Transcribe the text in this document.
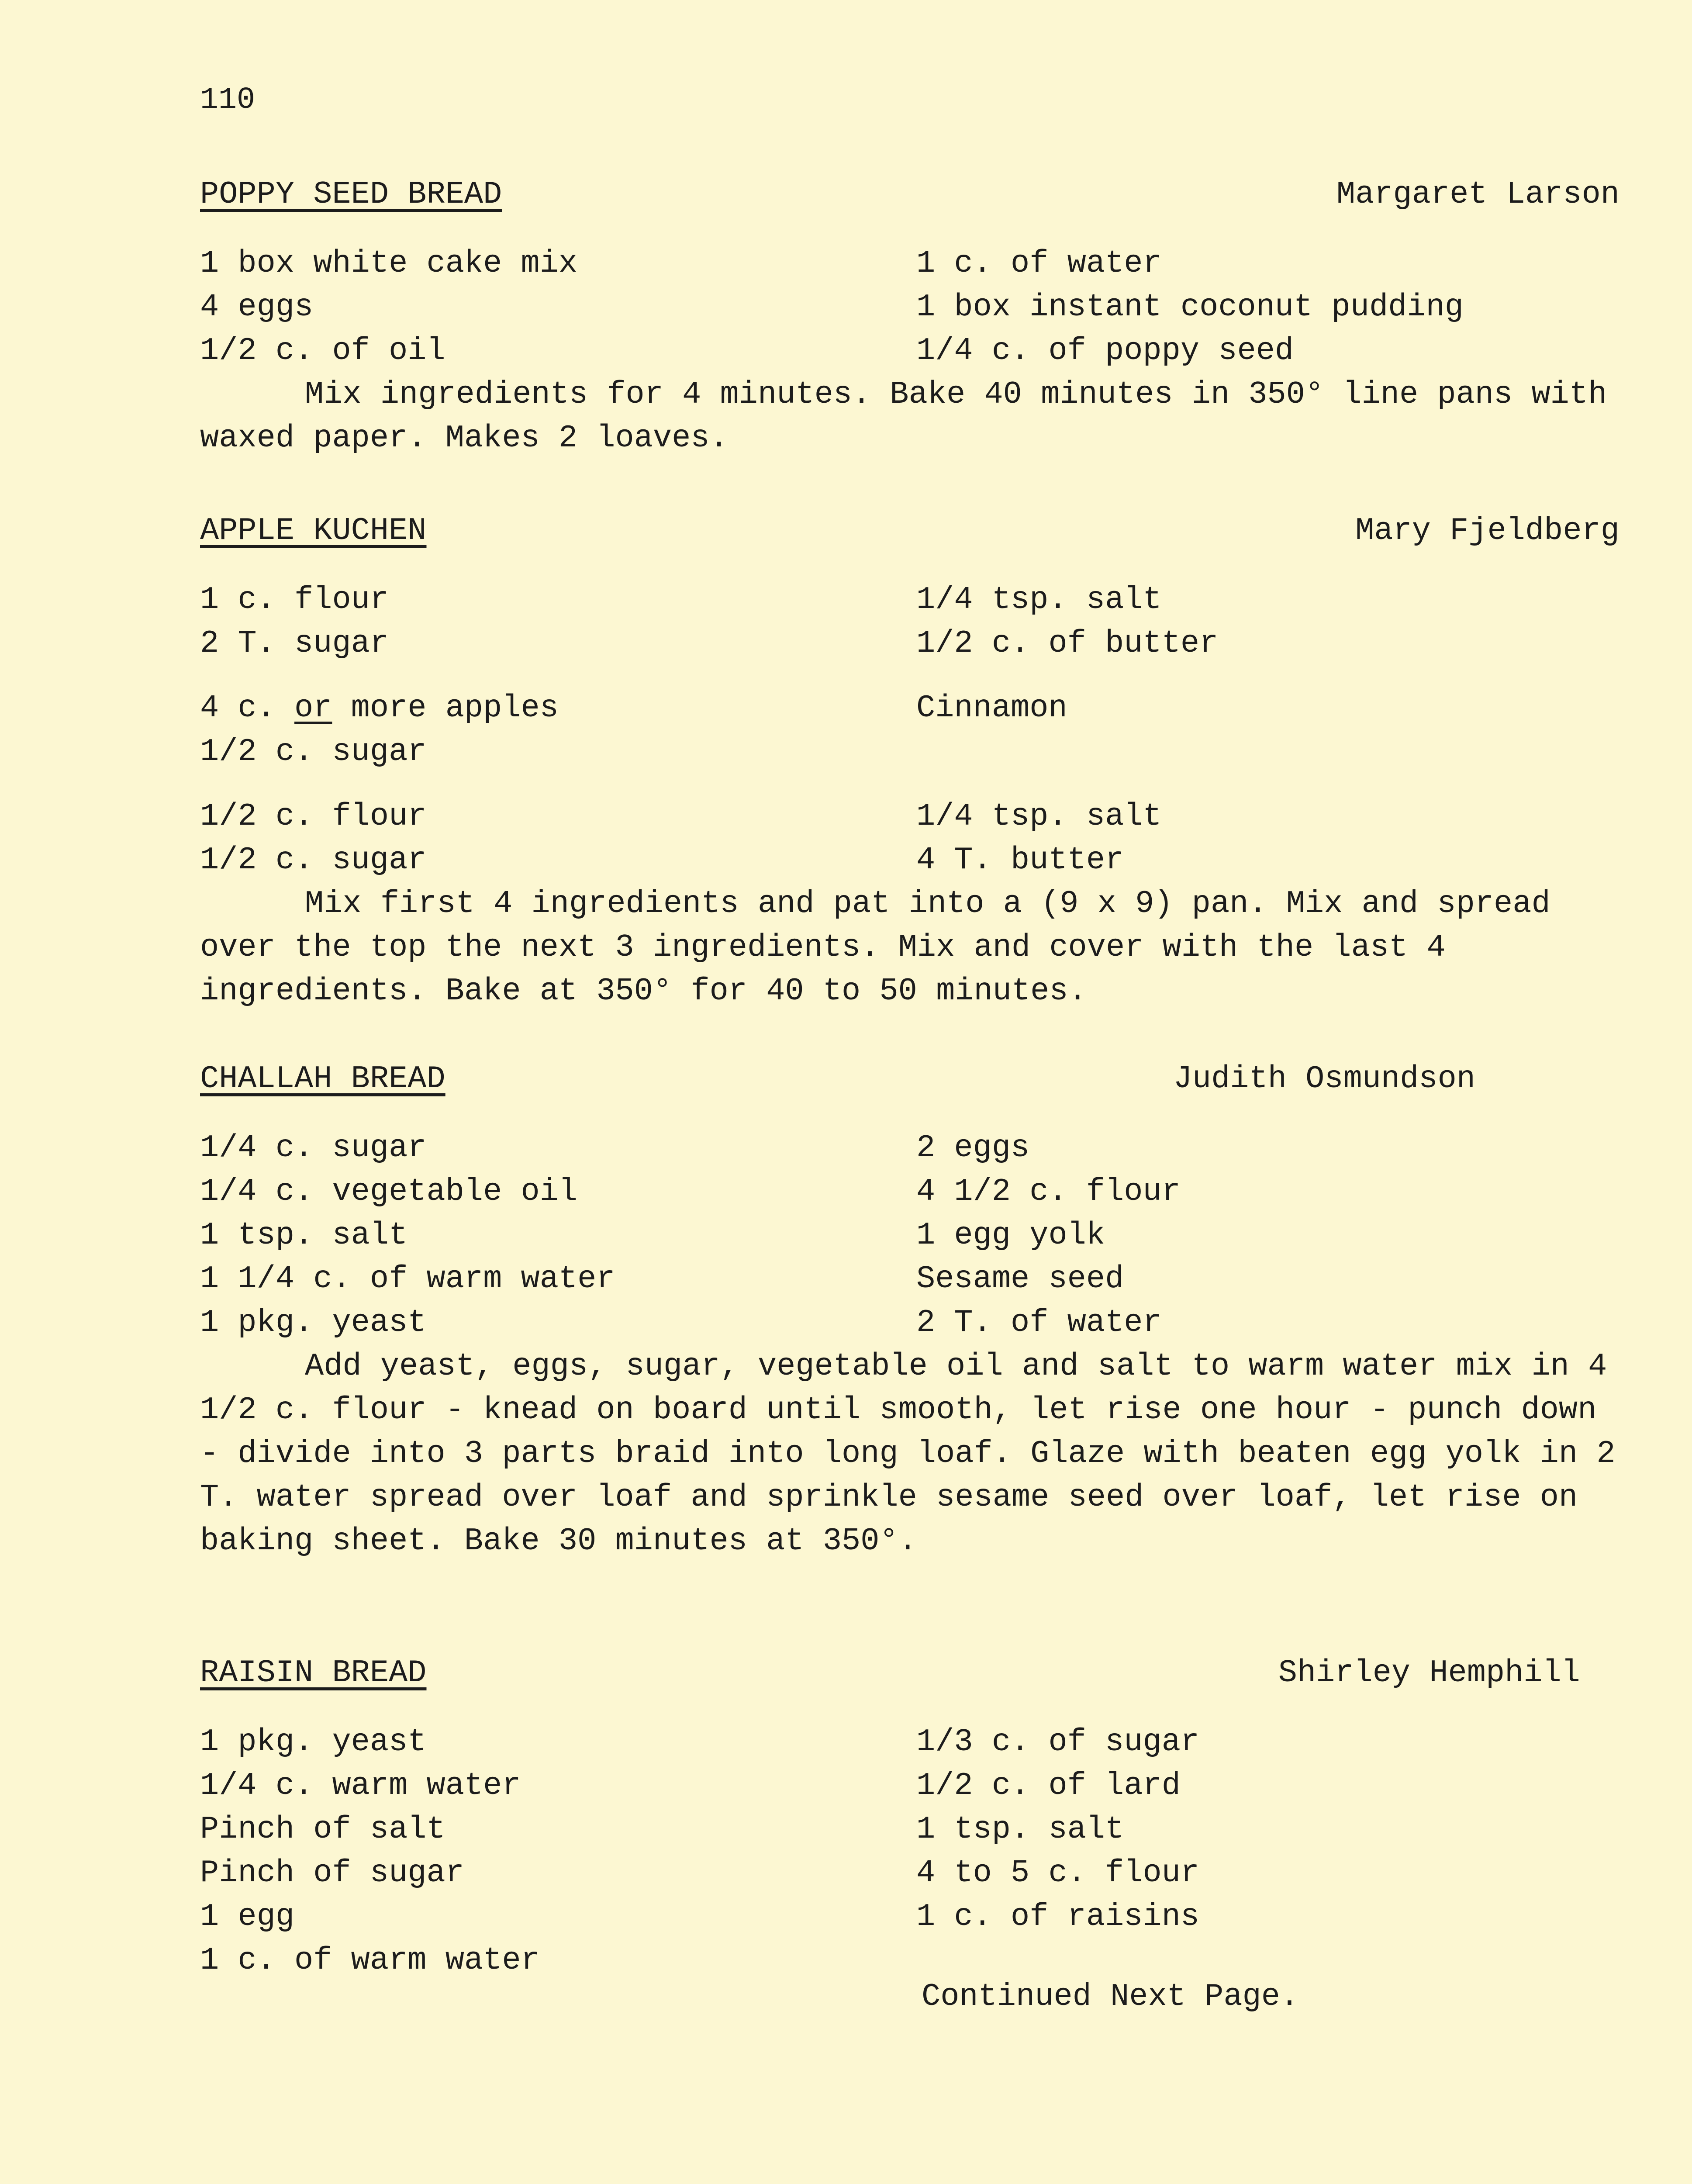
110
POPPY SEED BREAD	Margaret Larson
1 box white cake mix	1 c. of water
4 eggs	1 box instant coconut pudding
1/2 c. of oil	1/4 c. of poppy seed

Mix ingredients for 4 minutes. Bake 40 minutes in 350° line pans with waxed paper. Makes 2 loaves.

APPLE KUCHEN	Mary Fjeldberg
1 c. flour	1/4 tsp. salt
2 T. sugar	1/2 c. of butter
4 c. or more apples	Cinnamon
1/2 c. sugar
1/2 c. flour	1/4 tsp. salt
1/2 c. sugar	4 T. butter

Mix first 4 ingredients and pat into a (9 x 9) pan. Mix and spread over the top the next 3 ingredients. Mix and cover with the last 4 ingredients. Bake at 350° for 40 to 50 minutes.

CHALLAH BREAD	Judith Osmundson
1/4 c. sugar	2 eggs
1/4 c. vegetable oil	4 1/2 c. flour
1 tsp. salt	1 egg yolk
1 1/4 c. of warm water	Sesame seed
1 pkg. yeast	2 T. of water

Add yeast, eggs, sugar, vegetable oil and salt to warm water mix in 4 1/2 c. flour - knead on board until smooth, let rise one hour - punch down - divide into 3 parts braid into long loaf. Glaze with beaten egg yolk in 2 T. water spread over loaf and sprinkle sesame seed over loaf, let rise on baking sheet. Bake 30 minutes at 350°.

RAISIN BREAD	Shirley Hemphill
1 pkg. yeast	1/3 c. of sugar
1/4 c. warm water	1/2 c. of lard
Pinch of salt	1 tsp. salt
Pinch of sugar	4 to 5 c. flour
1 egg	1 c. of raisins
1 c. of warm water
Continued Next Page.
